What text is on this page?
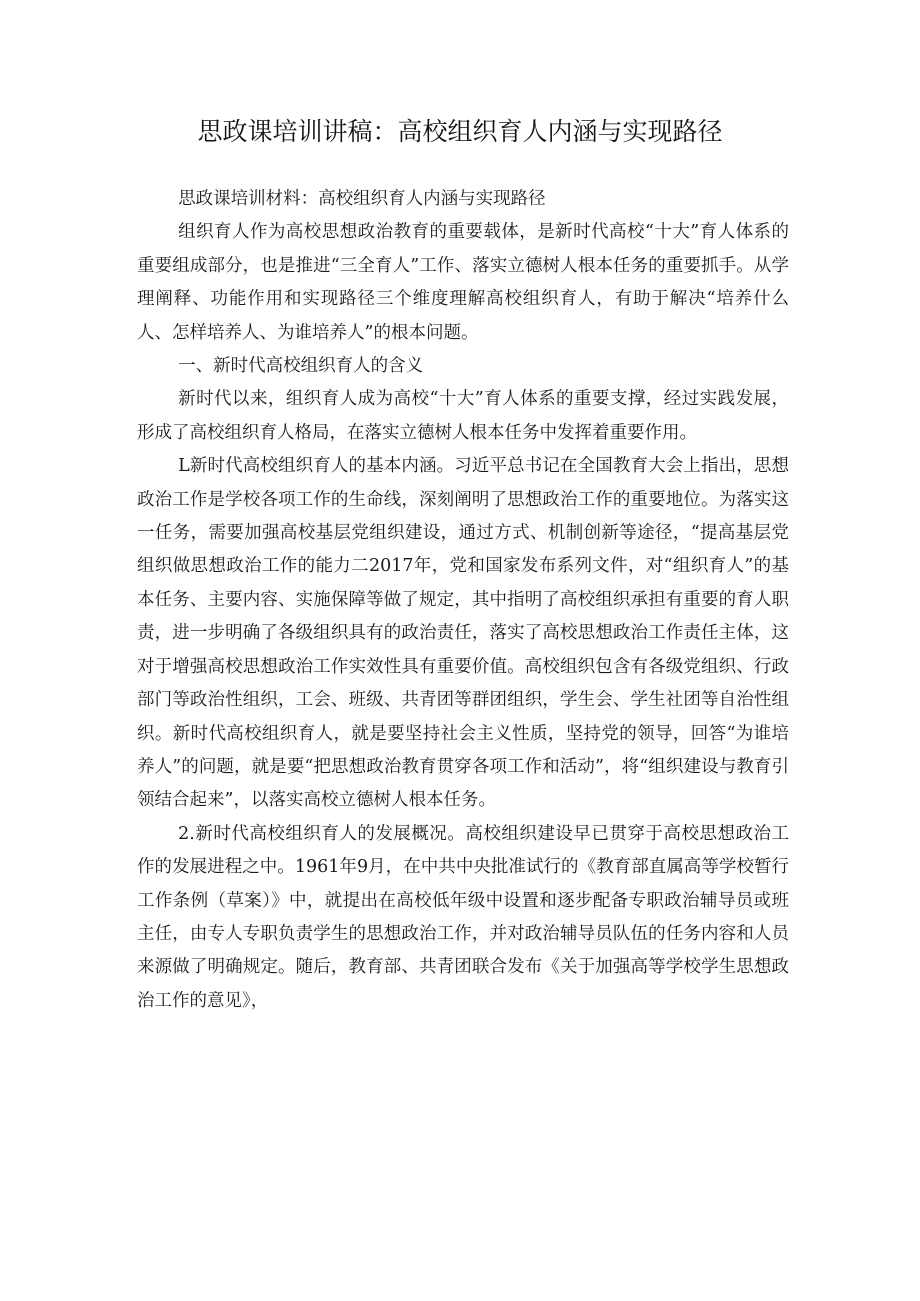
思政课培训讲稿：高校组织育人内涵与实现路径

思政课培训材料：高校组织育人内涵与实现路径

组织育人作为高校思想政治教育的重要载体，是新时代高校“十大”育人体系的重要组成部分，也是推进“三全育人”工作、落实立德树人根本任务的重要抓手。从学理阐释、功能作用和实现路径三个维度理解高校组织育人，有助于解决“培养什么人、怎样培养人、为谁培养人”的根本问题。

一、新时代高校组织育人的含义

新时代以来，组织育人成为高校“十大”育人体系的重要支撑，经过实践发展，形成了高校组织育人格局，在落实立德树人根本任务中发挥着重要作用。

L新时代高校组织育人的基本内涵。习近平总书记在全国教育大会上指出，思想政治工作是学校各项工作的生命线，深刻阐明了思想政治工作的重要地位。为落实这一任务，需要加强高校基层党组织建设，通过方式、机制创新等途径，“提高基层党组织做思想政治工作的能力二2017年，党和国家发布系列文件，对“组织育人”的基本任务、主要内容、实施保障等做了规定，其中指明了高校组织承担有重要的育人职责，进一步明确了各级组织具有的政治责任，落实了高校思想政治工作责任主体，这对于增强高校思想政治工作实效性具有重要价值。高校组织包含有各级党组织、行政部门等政治性组织，工会、班级、共青团等群团组织，学生会、学生社团等自治性组织。新时代高校组织育人，就是要坚持社会主义性质，坚持党的领导，回答“为谁培养人”的问题，就是要“把思想政治教育贯穿各项工作和活动”，将“组织建设与教育引领结合起来”，以落实高校立德树人根本任务。

2.新时代高校组织育人的发展概况。高校组织建设早已贯穿于高校思想政治工作的发展进程之中。1961年9月，在中共中央批准试行的《教育部直属高等学校暂行工作条例（草案）》中，就提出在高校低年级中设置和逐步配备专职政治辅导员或班主任，由专人专职负责学生的思想政治工作，并对政治辅导员队伍的任务内容和人员来源做了明确规定。随后，教育部、共青团联合发布《关于加强高等学校学生思想政治工作的意见》，
